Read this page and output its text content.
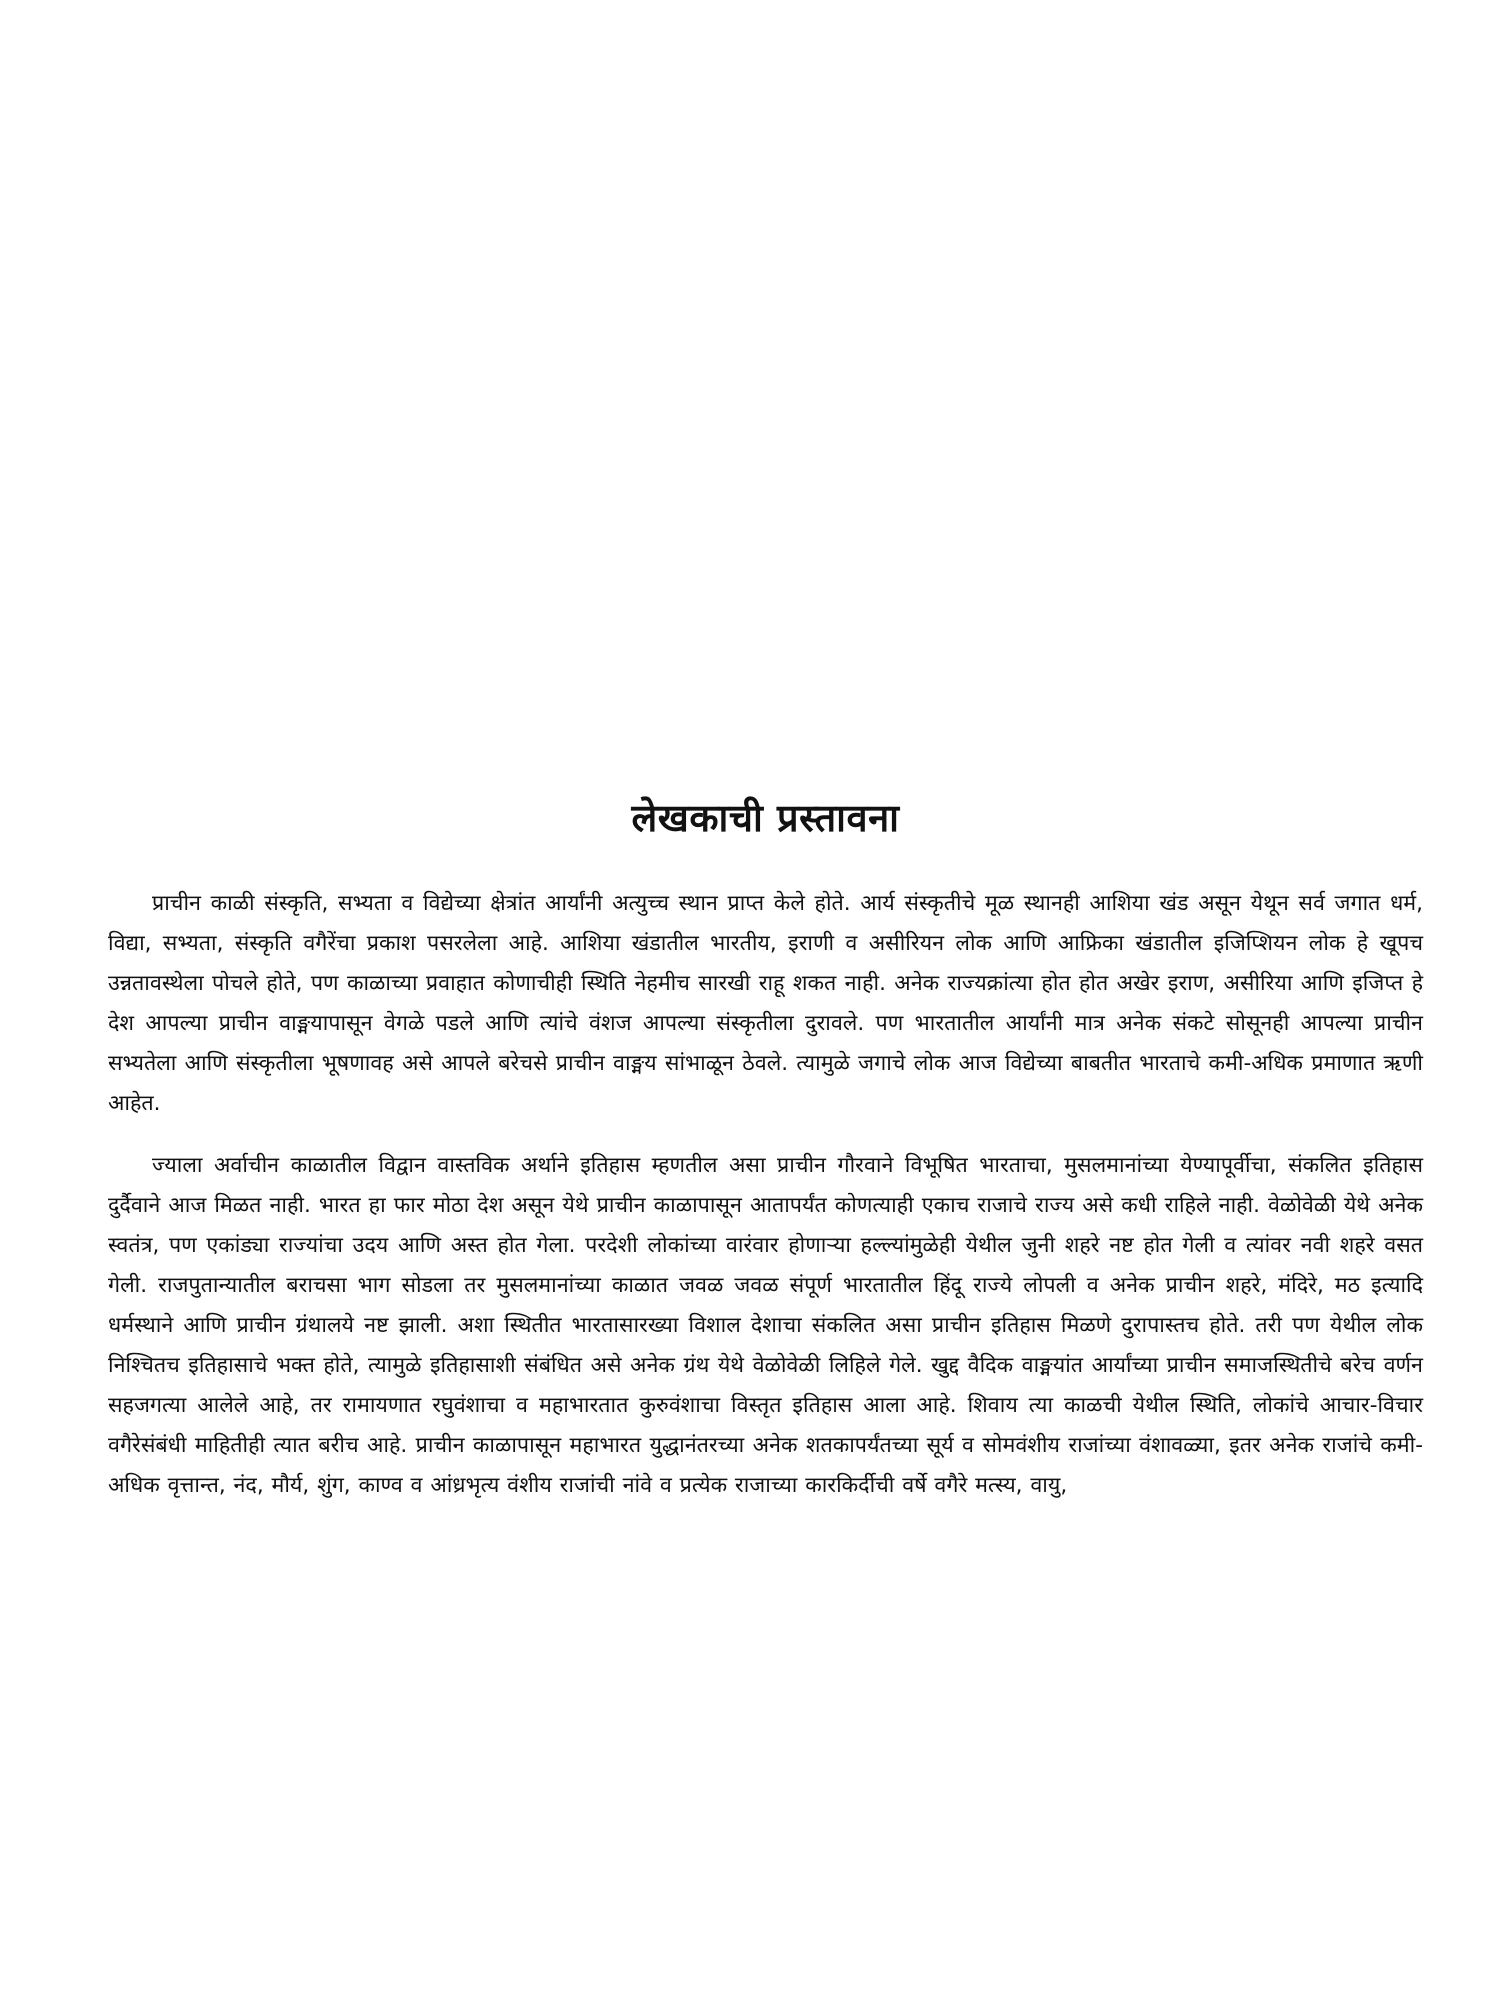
लेखकाची प्रस्तावना

प्राचीन काळी संस्कृति, सभ्यता व विद्येच्या क्षेत्रांत आर्यांनी अत्युच्च स्थान प्राप्त केले होते. आर्य संस्कृतीचे मूळ स्थानही आशिया खंड असून येथून सर्व जगात धर्म, विद्या, सभ्यता, संस्कृति वगैरेंचा प्रकाश पसरलेला आहे. आशिया खंडातील भारतीय, इराणी व असीरियन लोक आणि आफ्रिका खंडातील इजिप्शियन लोक हे खूपच उन्नतावस्थेला पोचले होते, पण काळाच्या प्रवाहात कोणाचीही स्थिति नेहमीच सारखी राहू शकत नाही. अनेक राज्यक्रांत्या होत होत अखेर इराण, असीरिया आणि इजिप्त हे देश आपल्या प्राचीन वाङ्मयापासून वेगळे पडले आणि त्यांचे वंशज आपल्या संस्कृतीला दुरावले. पण भारतातील आर्यांनी मात्र अनेक संकटे सोसूनही आपल्या प्राचीन सभ्यतेला आणि संस्कृतीला भूषणावह असे आपले बरेचसे प्राचीन वाङ्मय सांभाळून ठेवले. त्यामुळे जगाचे लोक आज विद्येच्या बाबतीत भारताचे कमी-अधिक प्रमाणात ऋणी आहेत.

ज्याला अर्वाचीन काळातील विद्वान वास्तविक अर्थाने इतिहास म्हणतील असा प्राचीन गौरवाने विभूषित भारताचा, मुसलमानांच्या येण्यापूर्वीचा, संकलित इतिहास दुर्दैवाने आज मिळत नाही. भारत हा फार मोठा देश असून येथे प्राचीन काळापासून आतापर्यंत कोणत्याही एकाच राजाचे राज्य असे कधी राहिले नाही. वेळोवेळी येथे अनेक स्वतंत्र, पण एकांड्या राज्यांचा उदय आणि अस्त होत गेला. परदेशी लोकांच्या वारंवार होणाऱ्या हल्ल्यांमुळेही येथील जुनी शहरे नष्ट होत गेली व त्यांवर नवी शहरे वसत गेली. राजपुतान्यातील बराचसा भाग सोडला तर मुसलमानांच्या काळात जवळ जवळ संपूर्ण भारतातील हिंदू राज्ये लोपली व अनेक प्राचीन शहरे, मंदिरे, मठ इत्यादि धर्मस्थाने आणि प्राचीन ग्रंथालये नष्ट झाली. अशा स्थितीत भारतासारख्या विशाल देशाचा संकलित असा प्राचीन इतिहास मिळणे दुरापास्तच होते. तरी पण येथील लोक निश्चितच इतिहासाचे भक्त होते, त्यामुळे इतिहासाशी संबंधित असे अनेक ग्रंथ येथे वेळोवेळी लिहिले गेले. खुद्द वैदिक वाङ्मयांत आर्यांच्या प्राचीन समाजस्थितीचे बरेच वर्णन सहजगत्या आलेले आहे, तर रामायणात रघुवंशाचा व महाभारतात कुरुवंशाचा विस्तृत इतिहास आला आहे. शिवाय त्या काळची येथील स्थिति, लोकांचे आचार-विचार वगैरेसंबंधी माहितीही त्यात बरीच आहे. प्राचीन काळापासून महाभारत युद्धानंतरच्या अनेक शतकापर्यंतच्या सूर्य व सोमवंशीय राजांच्या वंशावळ्या, इतर अनेक राजांचे कमी-अधिक वृत्तान्त, नंद, मौर्य, शुंग, काण्व व आंध्रभृत्य वंशीय राजांची नांवे व प्रत्येक राजाच्या कारकिर्दीची वर्षे वगैरे मत्स्य, वायु,
